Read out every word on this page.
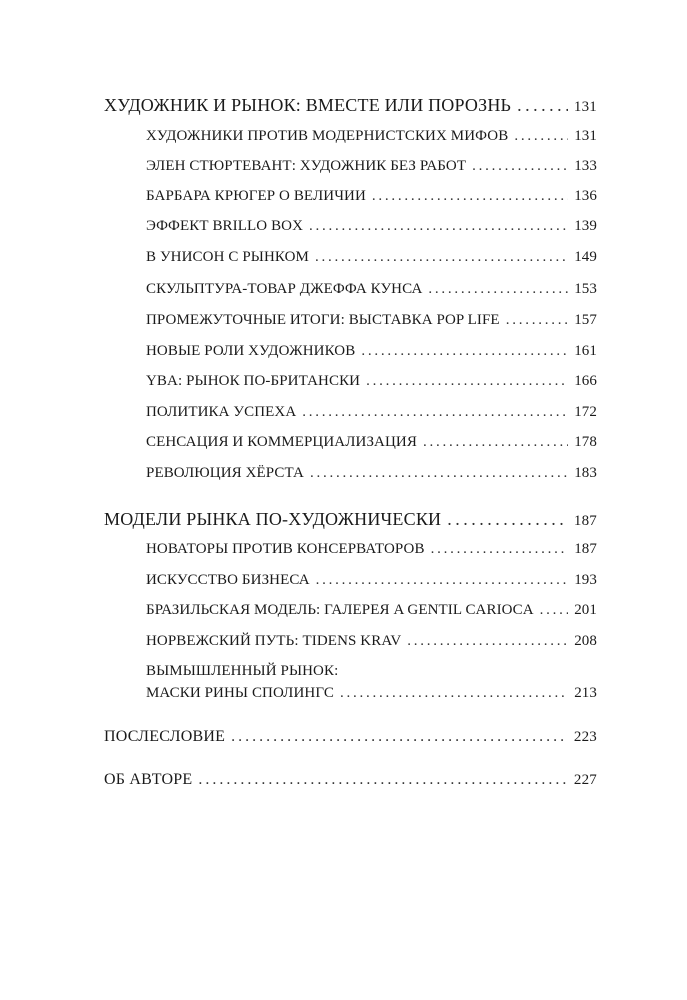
ХУДОЖНИК И РЫНОК: ВМЕСТЕ ИЛИ ПОРОЗНЬ . . .	131
ХУДОЖНИКИ ПРОТИВ МОДЕРНИСТСКИХ МИФОВ . . .	131
ЭЛЕН СТЮРТЕВАНТ: ХУДОЖНИК БЕЗ РАБОТ . . .	133
БАРБАРА КРЮГЕР О ВЕЛИЧИИ . . .	136
ЭФФЕКТ BRILLO BOX . . .	139
В УНИСОН С РЫНКОМ . . .	149
СКУЛЬПТУРА-ТОВАР ДЖЕФФА КУНСА . . .	153
ПРОМЕЖУТОЧНЫЕ ИТОГИ: ВЫСТАВКА POP LIFE . . .	157
НОВЫЕ РОЛИ ХУДОЖНИКОВ . . .	161
YBA: РЫНОК ПО-БРИТАНСКИ . . .	166
ПОЛИТИКА УСПЕХА . . .	172
СЕНСАЦИЯ И КОММЕРЦИАЛИЗАЦИЯ . . .	178
РЕВОЛЮЦИЯ ХЁРСТА . . .	183
МОДЕЛИ РЫНКА ПО-ХУДОЖНИЧЕСКИ . . .	187
НОВАТОРЫ ПРОТИВ КОНСЕРВАТОРОВ . . .	187
ИСКУССТВО БИЗНЕСА . . .	193
БРАЗИЛЬСКАЯ МОДЕЛЬ: ГАЛЕРЕЯ A GENTIL CARIOCA . . .	201
НОРВЕЖСКИЙ ПУТЬ: TIDENS KRAV . . .	208
ВЫМЫШЛЕННЫЙ РЫНОК:
МАСКИ РИНЫ СПОЛИНГС . . .	213
ПОСЛЕСЛОВИЕ . . .	223
ОБ АВТОРЕ . . .	227
